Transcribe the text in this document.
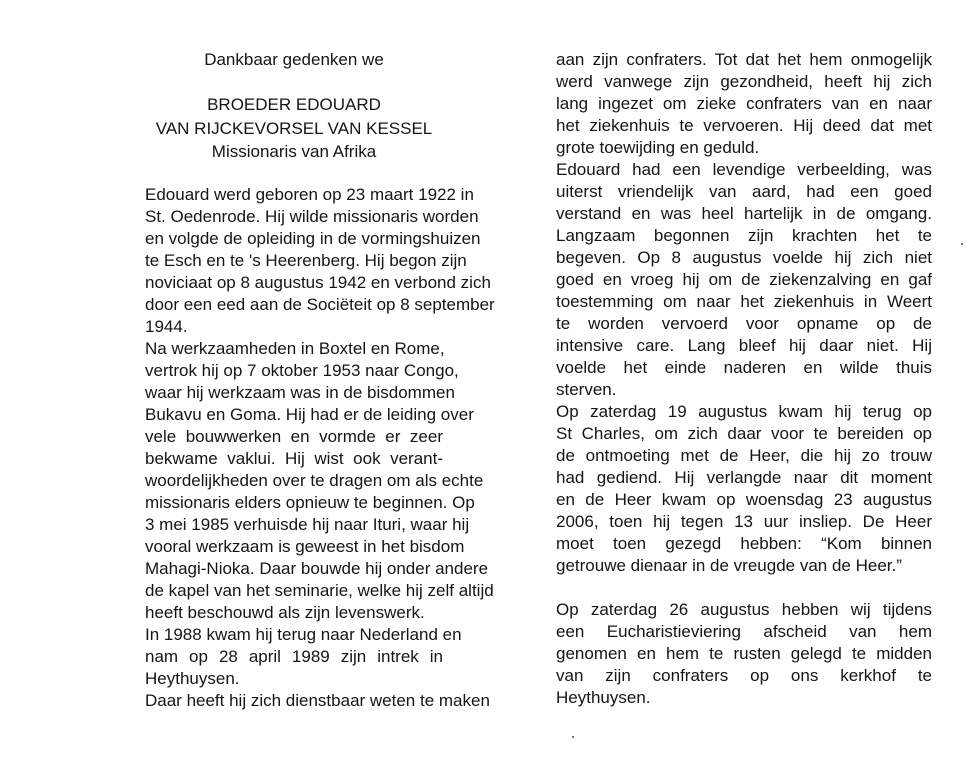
Dankbaar gedenken we
BROEDER EDOUARD
VAN RIJCKEVORSEL VAN KESSEL
Missionaris van Afrika
Edouard werd geboren op 23 maart 1922 in
St. Oedenrode. Hij wilde missionaris worden
en volgde de opleiding in de vormingshuizen
te Esch en te 's Heerenberg. Hij begon zijn
noviciaat op 8 augustus 1942 en verbond zich
door een eed aan de Sociëteit op 8 september
1944.
Na werkzaamheden in Boxtel en Rome,
vertrok hij op 7 oktober 1953 naar Congo,
waar hij werkzaam was in de bisdommen
Bukavu en Goma. Hij had er de leiding over
vele bouwwerken en vormde er zeer
bekwame vaklui. Hij wist ook verant-
woordelijkheden over te dragen om als echte
missionaris elders opnieuw te beginnen. Op
3 mei 1985 verhuisde hij naar Ituri, waar hij
vooral werkzaam is geweest in het bisdom
Mahagi-Nioka. Daar bouwde hij onder andere
de kapel van het seminarie, welke hij zelf altijd
heeft beschouwd als zijn levenswerk.
In 1988 kwam hij terug naar Nederland en
nam op 28 april 1989 zijn intrek in
Heythuysen.
Daar heeft hij zich dienstbaar weten te maken
aan zijn confraters. Tot dat het hem onmogelijk
werd vanwege zijn gezondheid, heeft hij zich
lang ingezet om zieke confraters van en naar
het ziekenhuis te vervoeren. Hij deed dat met
grote toewijding en geduld.
Edouard had een levendige verbeelding, was
uiterst vriendelijk van aard, had een goed
verstand en was heel hartelijk in de omgang.
Langzaam begonnen zijn krachten het te
begeven. Op 8 augustus voelde hij zich niet
goed en vroeg hij om de ziekenzalving en gaf
toestemming om naar het ziekenhuis in Weert
te worden vervoerd voor opname op de
intensive care. Lang bleef hij daar niet. Hij
voelde het einde naderen en wilde thuis
sterven.
Op zaterdag 19 augustus kwam hij terug op
St Charles, om zich daar voor te bereiden op
de ontmoeting met de Heer, die hij zo trouw
had gediend. Hij verlangde naar dit moment
en de Heer kwam op woensdag 23 augustus
2006, toen hij tegen 13 uur insliep. De Heer
moet toen gezegd hebben: “Kom binnen
getrouwe dienaar in de vreugde van de Heer.”
Op zaterdag 26 augustus hebben wij tijdens
een Eucharistieviering afscheid van hem
genomen en hem te rusten gelegd te midden
van zijn confraters op ons kerkhof te
Heythuysen.
